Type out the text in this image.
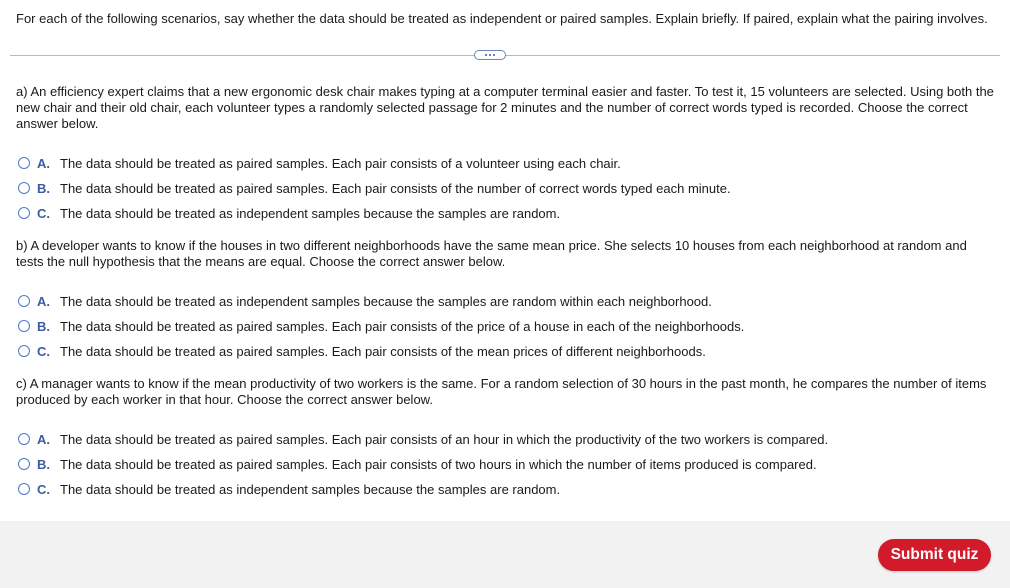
For each of the following scenarios, say whether the data should be treated as independent or paired samples. Explain briefly. If paired, explain what the pairing involves.
a) An efficiency expert claims that a new ergonomic desk chair makes typing at a computer terminal easier and faster. To test it, 15 volunteers are selected. Using both the new chair and their old chair, each volunteer types a randomly selected passage for 2 minutes and the number of correct words typed is recorded. Choose the correct answer below.
A. The data should be treated as paired samples. Each pair consists of a volunteer using each chair.
B. The data should be treated as paired samples. Each pair consists of the number of correct words typed each minute.
C. The data should be treated as independent samples because the samples are random.
b) A developer wants to know if the houses in two different neighborhoods have the same mean price. She selects 10 houses from each neighborhood at random and tests the null hypothesis that the means are equal. Choose the correct answer below.
A. The data should be treated as independent samples because the samples are random within each neighborhood.
B. The data should be treated as paired samples. Each pair consists of the price of a house in each of the neighborhoods.
C. The data should be treated as paired samples. Each pair consists of the mean prices of different neighborhoods.
c) A manager wants to know if the mean productivity of two workers is the same. For a random selection of 30 hours in the past month, he compares the number of items produced by each worker in that hour. Choose the correct answer below.
A. The data should be treated as paired samples. Each pair consists of an hour in which the productivity of the two workers is compared.
B. The data should be treated as paired samples. Each pair consists of two hours in which the number of items produced is compared.
C. The data should be treated as independent samples because the samples are random.
Submit quiz
